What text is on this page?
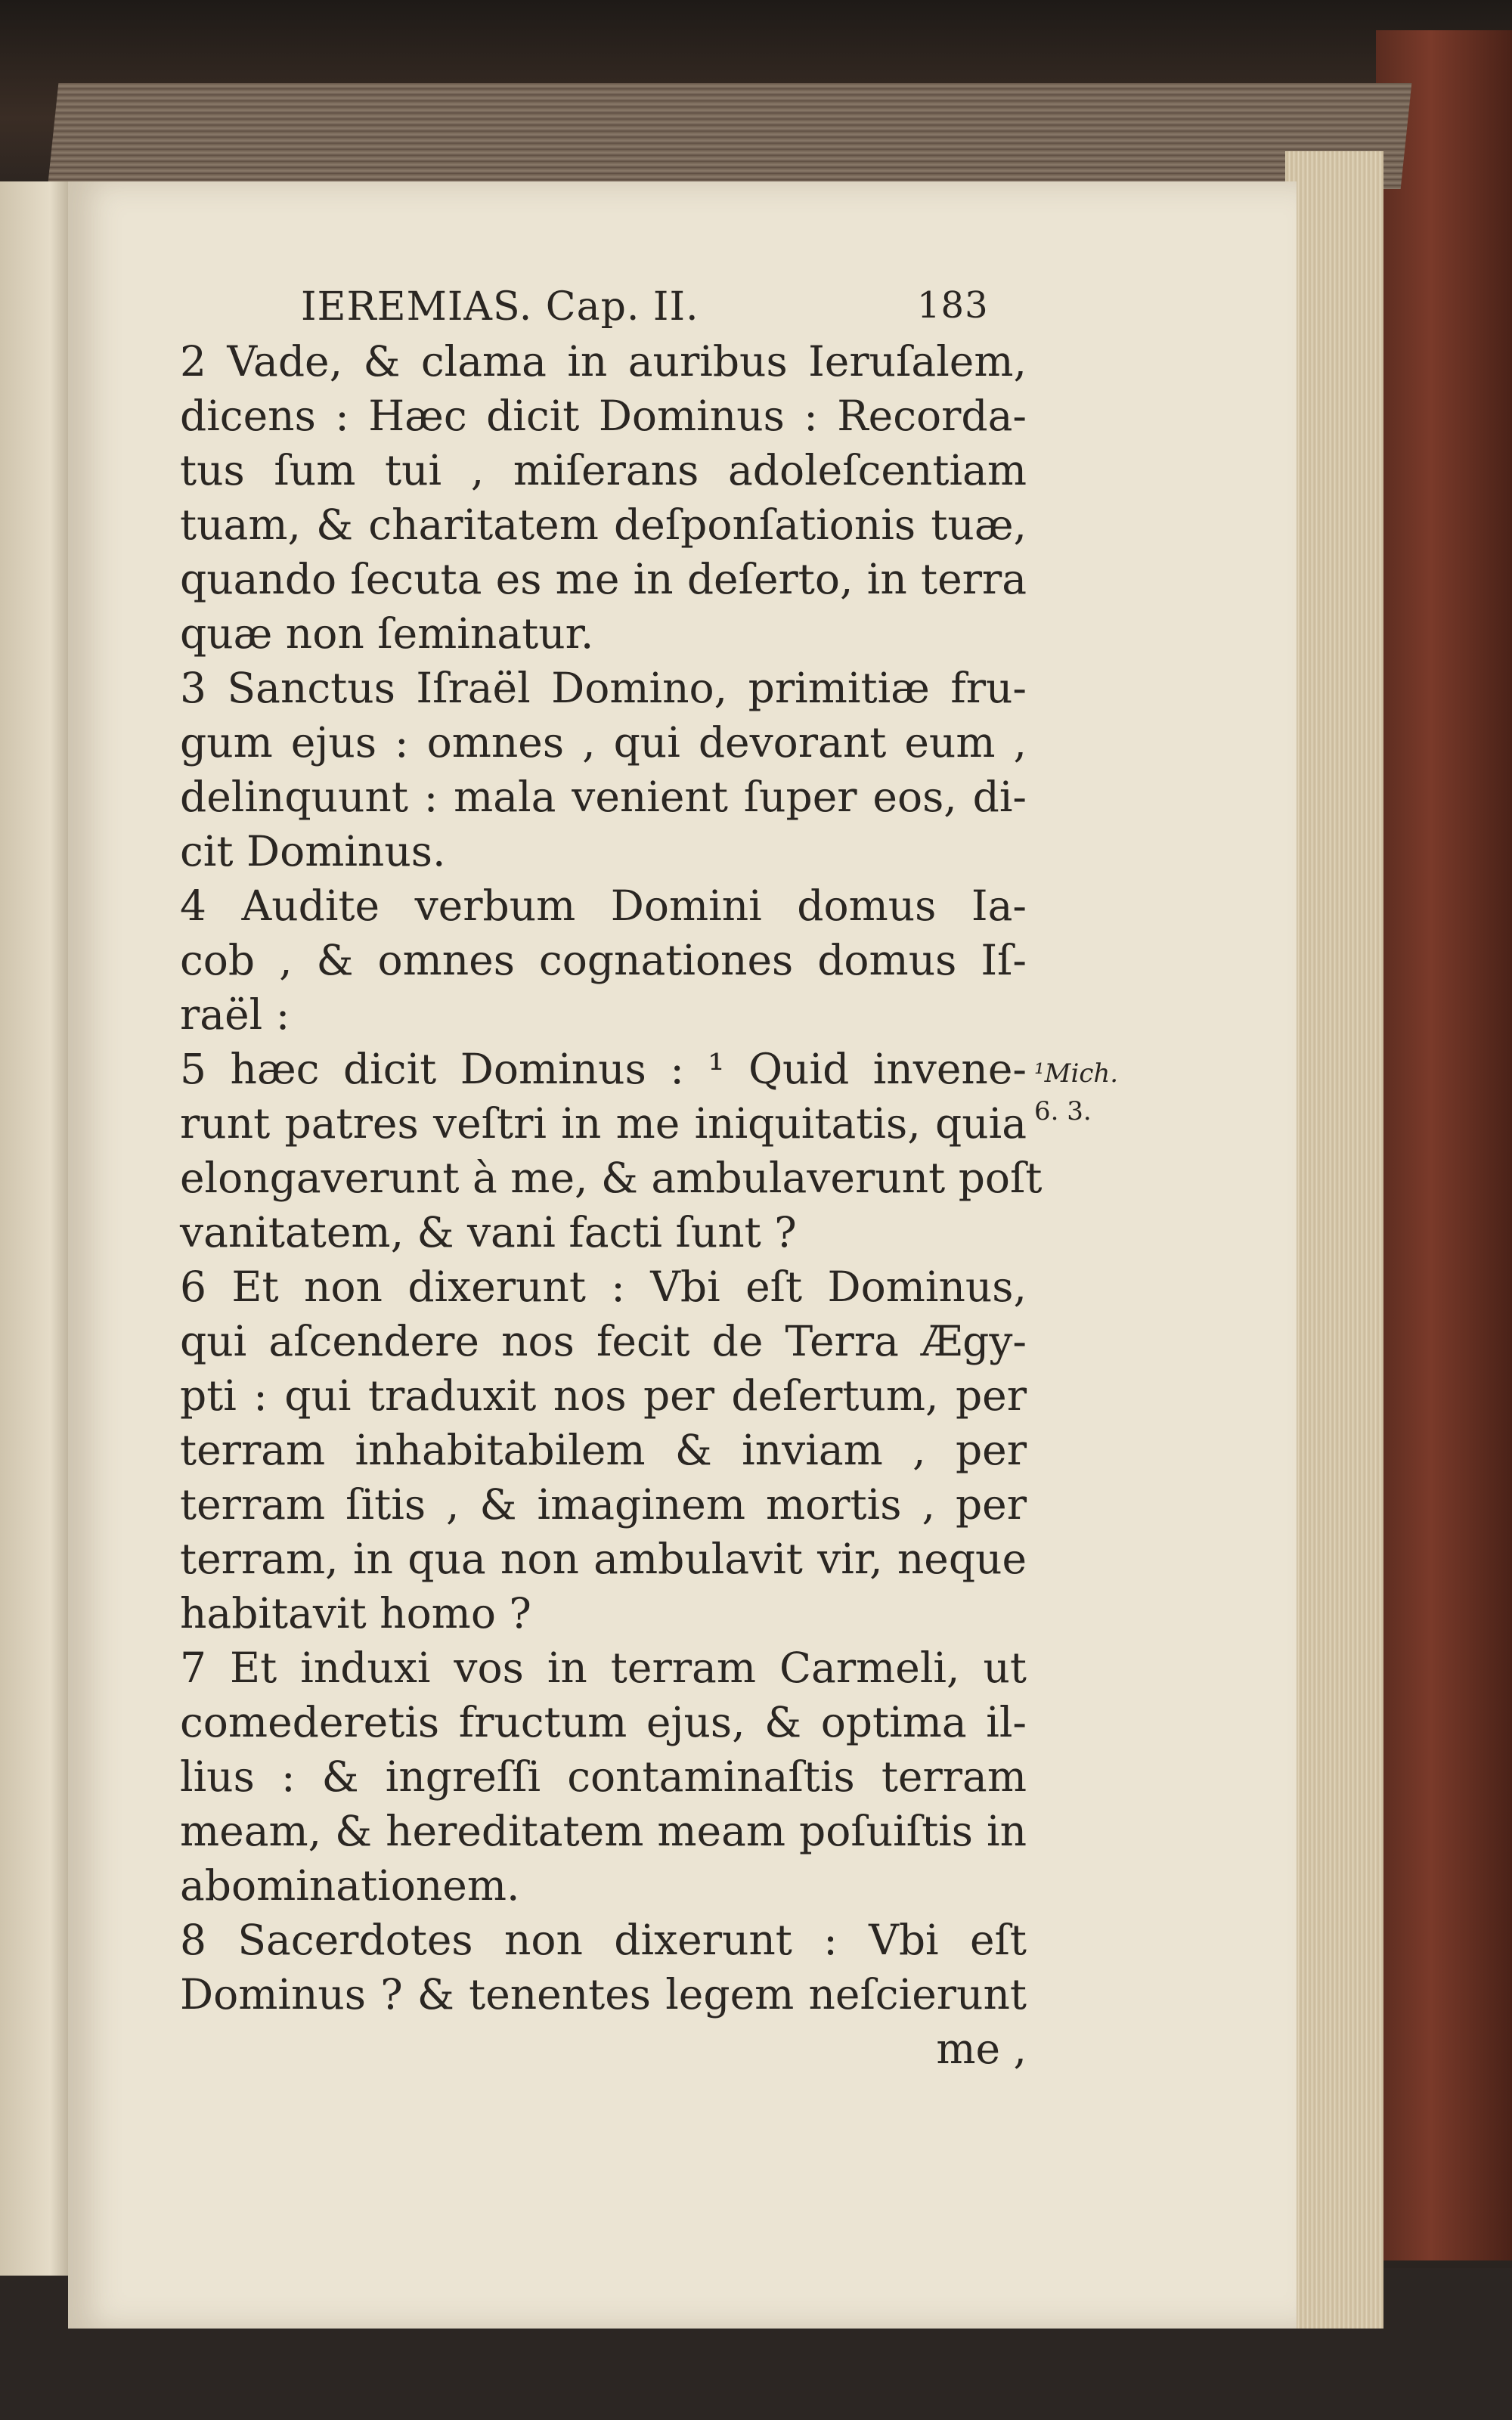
IEREMIAS. Cap. II.	183
2 Vade, & clama in auribus Ieruſalem,
dicens : Hæc dicit Dominus : Recorda-
tus ſum tui , miſerans adoleſcentiam
tuam, & charitatem deſponſationis tuæ,
quando ſecuta es me in deſerto, in terra
quæ non ſeminatur.
3 Sanctus Iſraël Domino, primitiæ fru-
gum ejus : omnes , qui devorant eum ,
delinquunt : mala venient ſuper eos, di-
cit Dominus.
4 Audite verbum Domini domus Ia-
cob , & omnes cognationes domus Iſ-
raël :
5 hæc dicit Dominus : ¹ Quid invene-
runt patres veſtri in me iniquitatis, quia
elongaverunt à me, & ambulaverunt poſt
vanitatem, & vani facti ſunt ?
6 Et non dixerunt : Vbi eſt Dominus,
qui aſcendere nos fecit de Terra Ægy-
pti : qui traduxit nos per deſertum, per
terram inhabitabilem & inviam , per
terram ſitis , & imaginem mortis , per
terram, in qua non ambulavit vir, neque
habitavit homo ?
7 Et induxi vos in terram Carmeli, ut
comederetis fructum ejus, & optima il-
lius : & ingreſſi contaminaſtis terram
meam, & hereditatem meam poſuiſtis in
abominationem.
8 Sacerdotes non dixerunt : Vbi eſt
Dominus ? & tenentes legem neſcierunt
me ,
¹Mich.
6. 3.
